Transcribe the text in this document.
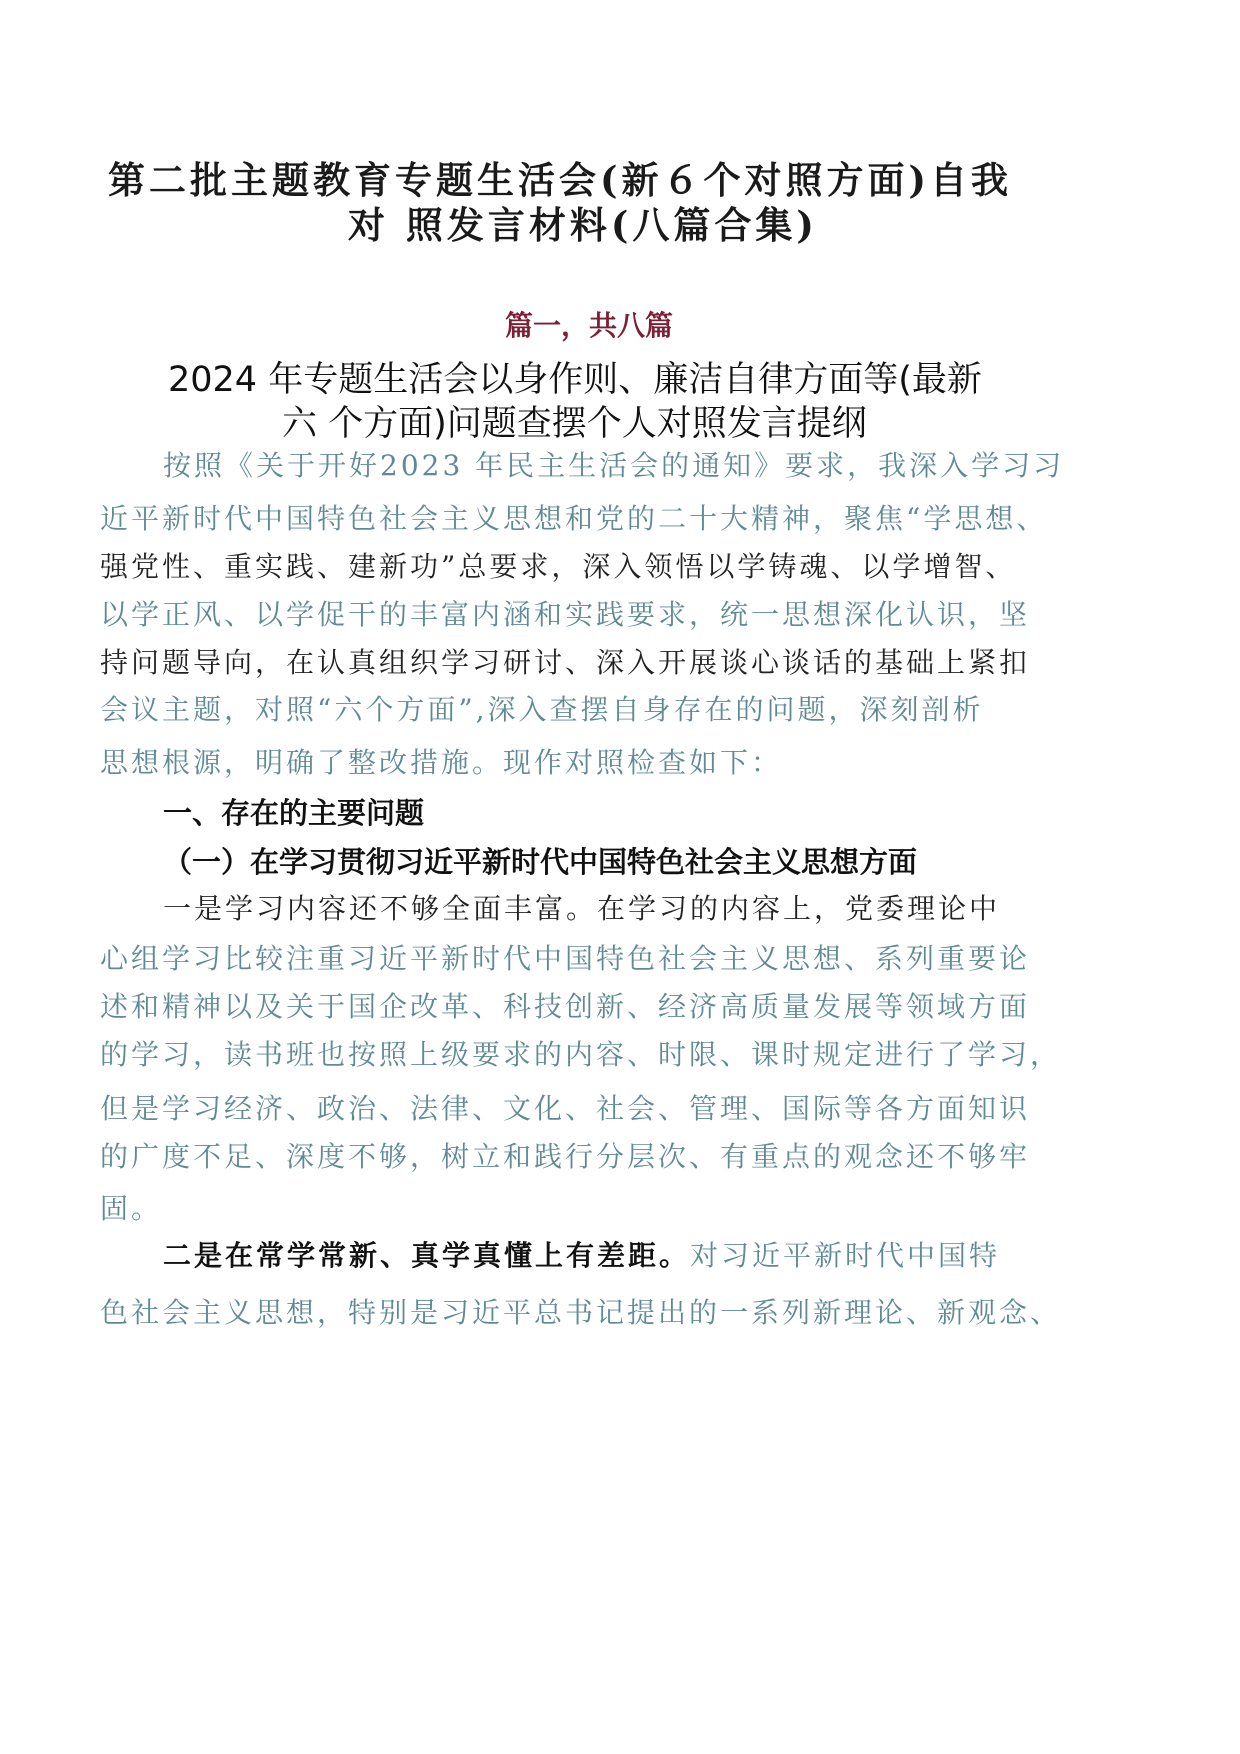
第二批主题教育专题生活会(新６个对照方面)自我
对 照发言材料(八篇合集)
篇一，共八篇
2024 年专题生活会以身作则、廉洁自律方面等(最新
六 个方面)问题查摆个人对照发言提纲
按照《关于开好2023 年民主生活会的通知》要求，我深入学习习
近平新时代中国特色社会主义思想和党的二十大精神，聚焦“学思想、
强党性、重实践、建新功”总要求，深入领悟以学铸魂、以学增智、
以学正风、以学促干的丰富内涵和实践要求，统一思想深化认识，坚
持问题导向，在认真组织学习研讨、深入开展谈心谈话的基础上紧扣
会议主题，对照“六个方面”,深入查摆自身存在的问题，深刻剖析
思想根源，明确了整改措施。现作对照检查如下：
一、存在的主要问题
（一）在学习贯彻习近平新时代中国特色社会主义思想方面
一是学习内容还不够全面丰富。在学习的内容上，党委理论中
心组学习比较注重习近平新时代中国特色社会主义思想、系列重要论
述和精神以及关于国企改革、科技创新、经济高质量发展等领域方面
的学习，读书班也按照上级要求的内容、时限、课时规定进行了学习，
但是学习经济、政治、法律、文化、社会、管理、国际等各方面知识
的广度不足、深度不够，树立和践行分层次、有重点的观念还不够牢
固。
二是在常学常新、真学真懂上有差距。对习近平新时代中国特
色社会主义思想，特别是习近平总书记提出的一系列新理论、新观念、
